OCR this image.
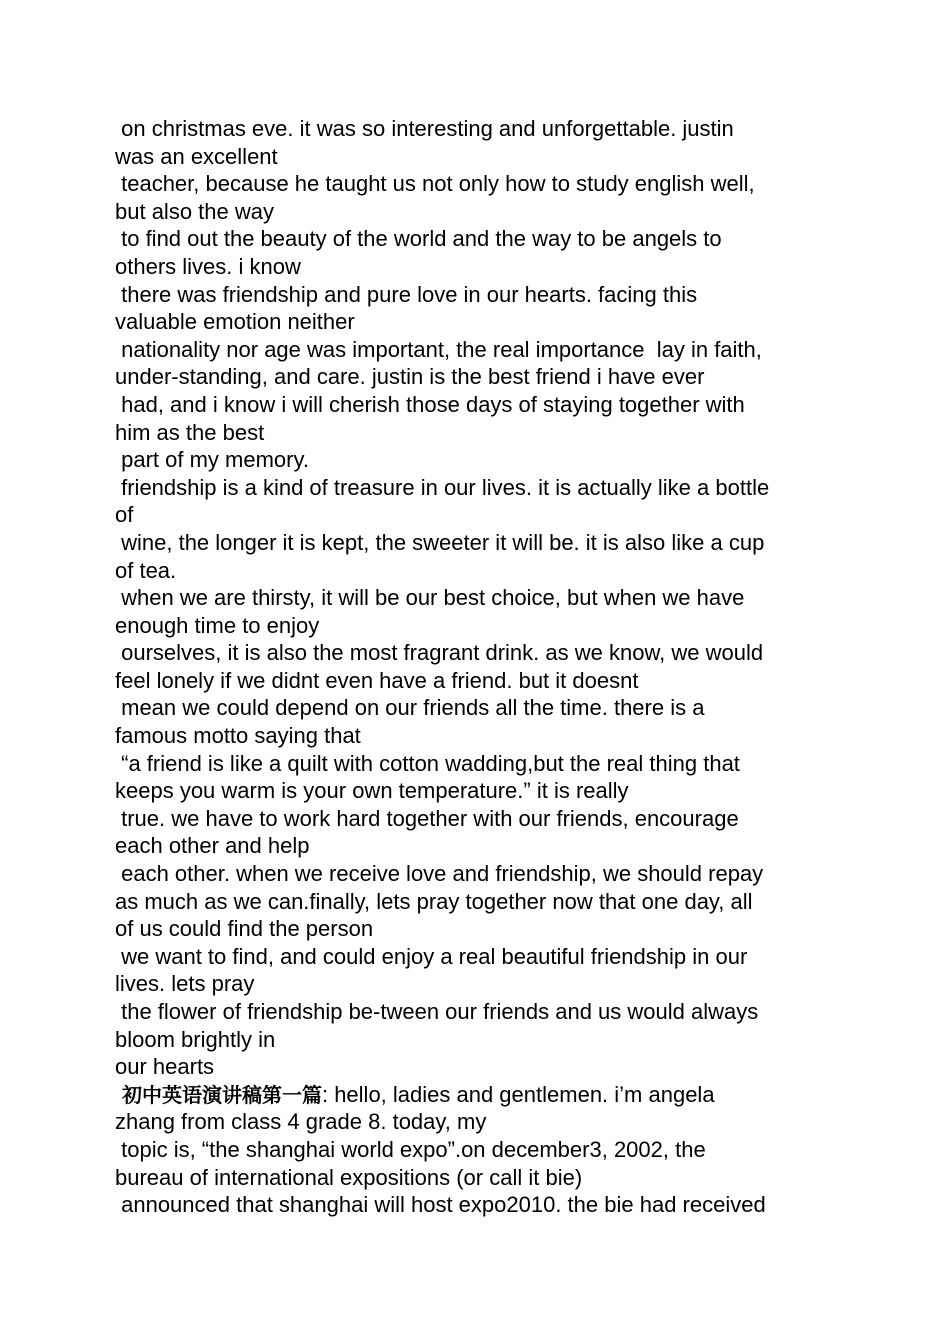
on christmas eve. it was so interesting and unforgettable. justin
was an excellent
teacher, because he taught us not only how to study english well,
but also the way
to find out the beauty of the world and the way to be angels to
others lives. i know
there was friendship and pure love in our hearts. facing this
valuable emotion neither
nationality nor age was important, the real importance  lay in faith,
under-standing, and care. justin is the best friend i have ever
had, and i know i will cherish those days of staying together with
him as the best
part of my memory.
friendship is a kind of treasure in our lives. it is actually like a bottle
of
wine, the longer it is kept, the sweeter it will be. it is also like a cup
of tea.
when we are thirsty, it will be our best choice, but when we have
enough time to enjoy
ourselves, it is also the most fragrant drink. as we know, we would
feel lonely if we didnt even have a friend. but it doesnt
mean we could depend on our friends all the time. there is a
famous motto saying that
“a friend is like a quilt with cotton wadding,but the real thing that
keeps you warm is your own temperature.” it is really
true. we have to work hard together with our friends, encourage
each other and help
each other. when we receive love and friendship, we should repay
as much as we can.finally, lets pray together now that one day, all
of us could find the person
we want to find, and could enjoy a real beautiful friendship in our
lives. lets pray
the flower of friendship be-tween our friends and us would always
bloom brightly in
our hearts
初中英语演讲稿第一篇: hello, ladies and gentlemen. i’m angela
zhang from class 4 grade 8. today, my
topic is, “the shanghai world expo”.on december3, 2002, the
bureau of international expositions (or call it bie)
announced that shanghai will host expo2010. the bie had received
